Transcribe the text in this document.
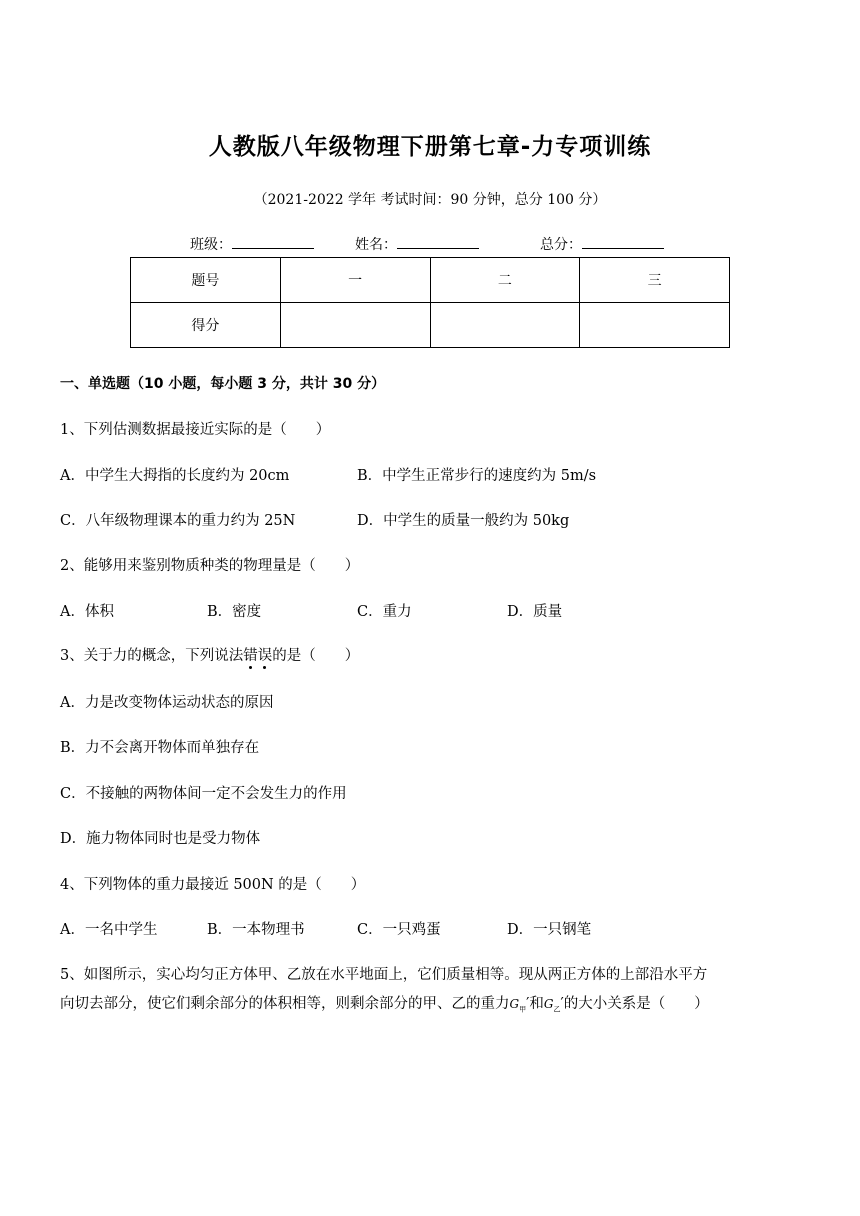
人教版八年级物理下册第七章-力专项训练
（2021-2022 学年 考试时间：90 分钟，总分 100 分）
班级：	姓名：	总分：
题号	一	二	三
得分			
一、单选题（10 小题，每小题 3 分，共计 30 分）
1、下列估测数据最接近实际的是（　　）
A．中学生大拇指的长度约为 20cm	B．中学生正常步行的速度约为 5m/s
C．八年级物理课本的重力约为 25N	D．中学生的质量一般约为 50kg
2、能够用来鉴别物质种类的物理量是（　　）
A．体积	B．密度	C．重力	D．质量
3、关于力的概念，下列说法错误的是（　　）
A．力是改变物体运动状态的原因
B．力不会离开物体而单独存在
C．不接触的两物体间一定不会发生力的作用
D．施力物体同时也是受力物体
4、下列物体的重力最接近 500N 的是（　　）
A．一名中学生	B．一本物理书	C．一只鸡蛋	D．一只钢笔
5、如图所示，实心均匀正方体甲、乙放在水平地面上，它们质量相等。现从两正方体的上部沿水平方
向切去部分，使它们剩余部分的体积相等，则剩余部分的甲、乙的重力$G_甲'$和$G_乙'$的大小关系是（　　）
